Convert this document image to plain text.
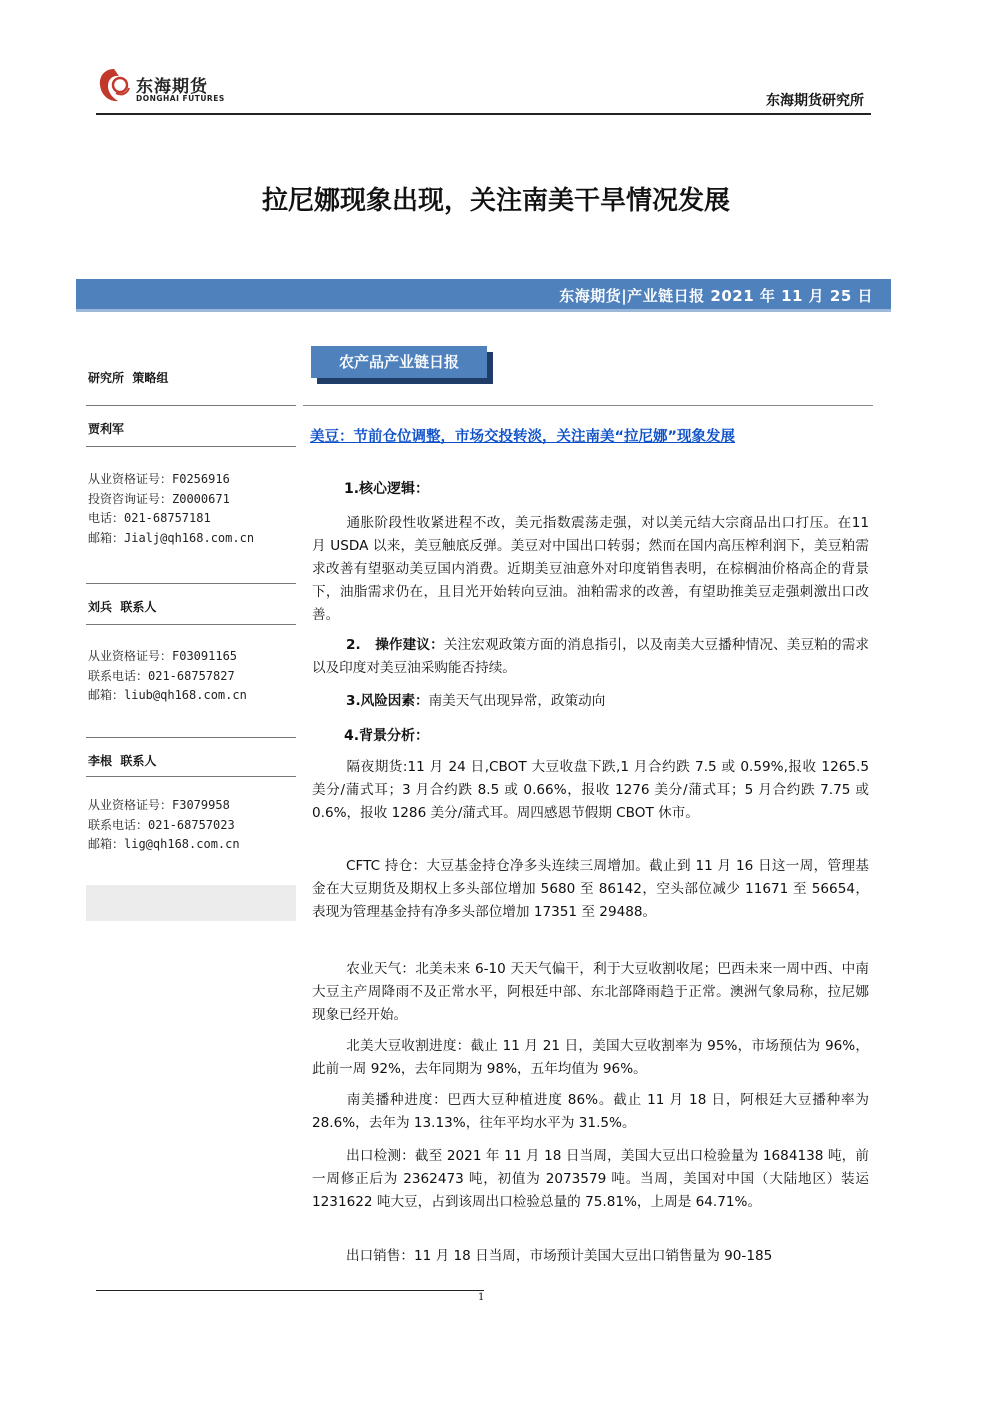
东海期货
DONGHAI FUTURES	东海期货研究所
拉尼娜现象出现，关注南美干旱情况发展
东海期货|产业链日报 2021 年 11 月 25 日
研究所  策略组
贾利军
从业资格证号：F0256916
投资咨询证号：Z0000671
电话：021-68757181
邮箱：Jialj@qh168.com.cn
刘兵  联系人
从业资格证号：F03091165
联系电话：021-68757827
邮箱：liub@qh168.com.cn
李根  联系人
从业资格证号：F3079958
联系电话：021-68757023
邮箱：lig@qh168.com.cn
农产品产业链日报
美豆：节前仓位调整，市场交投转淡，关注南美“拉尼娜”现象发展
1.核心逻辑：
通胀阶段性收紧进程不改，美元指数震荡走强，对以美元结大宗商品出口打压。在11 月 USDA 以来，美豆触底反弹。美豆对中国出口转弱；然而在国内高压榨利润下，美豆粕需求改善有望驱动美豆国内消费。近期美豆油意外对印度销售表明，在棕榈油价格高企的背景下，油脂需求仍在，且目光开始转向豆油。油粕需求的改善，有望助推美豆走强刺激出口改善。
2.   操作建议：关注宏观政策方面的消息指引，以及南美大豆播种情况、美豆粕的需求以及印度对美豆油采购能否持续。
3.风险因素：南美天气出现异常，政策动向
4.背景分析：
隔夜期货:11 月 24 日,CBOT 大豆收盘下跌,1 月合约跌 7.5 或 0.59%,报收 1265.5 美分/蒲式耳；3 月合约跌 8.5 或 0.66%，报收 1276 美分/蒲式耳；5 月合约跌 7.75 或 0.6%，报收 1286 美分/蒲式耳。周四感恩节假期 CBOT 休市。
CFTC 持仓：大豆基金持仓净多头连续三周增加。截止到 11 月 16 日这一周，管理基金在大豆期货及期权上多头部位增加 5680 至 86142，空头部位减少 11671 至 56654，表现为管理基金持有净多头部位增加 17351 至 29488。
农业天气：北美未来 6-10 天天气偏干，利于大豆收割收尾；巴西未来一周中西、中南大豆主产周降雨不及正常水平，阿根廷中部、东北部降雨趋于正常。澳洲气象局称，拉尼娜现象已经开始。
北美大豆收割进度：截止 11 月 21 日，美国大豆收割率为 95%，市场预估为 96%，此前一周 92%，去年同期为 98%，五年均值为 96%。
南美播种进度：巴西大豆种植进度 86%。截止 11 月 18 日，阿根廷大豆播种率为 28.6%，去年为 13.13%，往年平均水平为 31.5%。
出口检测：截至 2021 年 11 月 18 日当周，美国大豆出口检验量为 1684138 吨，前一周修正后为 2362473 吨，初值为 2073579 吨。当周，美国对中国（大陆地区）装运 1231622 吨大豆，占到该周出口检验总量的 75.81%，上周是 64.71%。
出口销售：11 月 18 日当周，市场预计美国大豆出口销售量为 90-185
1
